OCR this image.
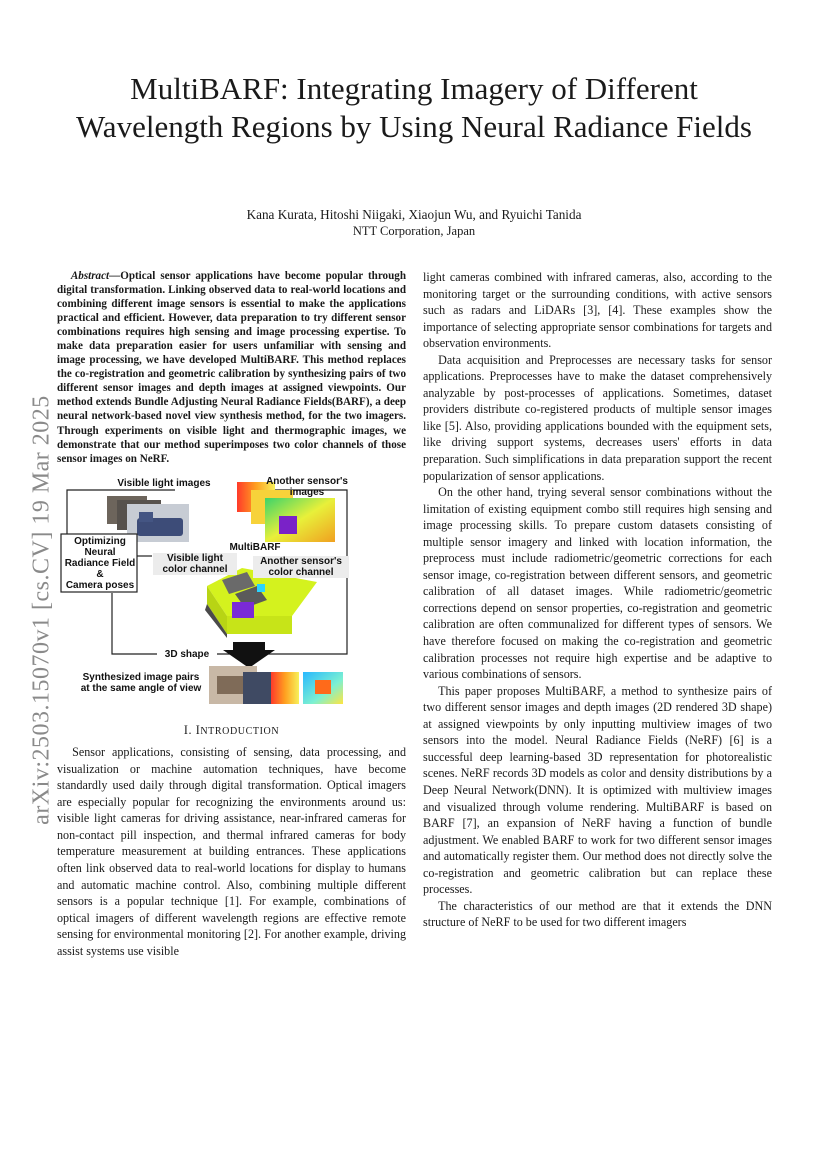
arXiv:2503.15070v1 [cs.CV] 19 Mar 2025
MultiBARF: Integrating Imagery of Different Wavelength Regions by Using Neural Radiance Fields
Kana Kurata, Hitoshi Niigaki, Xiaojun Wu, and Ryuichi Tanida
NTT Corporation, Japan

Abstract—Optical sensor applications have become popular through digital transformation. Linking observed data to real-world locations and combining different image sensors is essential to make the applications practical and efficient. However, data preparation to try different sensor combinations requires high sensing and image processing expertise. To make data preparation easier for users unfamiliar with sensing and image processing, we have developed MultiBARF. This method replaces the co-registration and geometric calibration by synthesizing pairs of two different sensor images and depth images at assigned viewpoints. Our method extends Bundle Adjusting Neural Radiance Fields(BARF), a deep neural network-based novel view synthesis method, for the two imagers. Through experiments on visible light and thermographic images, we demonstrate that our method superimposes two color channels of those sensor images on NeRF.

Visible light images	Another sensor's
images
Optimizing
Neural
Radiance Field
&
Camera poses
MultiBARF
Visible light
color channel
Another sensor's
color channel
3D shape
Synthesized image pairs
at the same angle of view
I. INTRODUCTION

Sensor applications, consisting of sensing, data processing, and visualization or machine automation techniques, have become standardly used daily through digital transformation. Optical imagers are especially popular for recognizing the environments around us: visible light cameras for driving assistance, near-infrared cameras for non-contact pill inspection, and thermal infrared cameras for body temperature measurement at building entrances. These applications often link observed data to real-world locations for display to humans and automatic machine control. Also, combining multiple different sensors is a popular technique [1]. For example, combinations of optical imagers of different wavelength regions are effective remote sensing for environmental monitoring [2]. For another example, driving assist systems use visible

light cameras combined with infrared cameras, also, according to the monitoring target or the surrounding conditions, with active sensors such as radars and LiDARs [3], [4]. These examples show the importance of selecting appropriate sensor combinations for targets and observation environments.

Data acquisition and Preprocesses are necessary tasks for sensor applications. Preprocesses have to make the dataset comprehensively analyzable by post-processes of applications. Sometimes, dataset providers distribute co-registered products of multiple sensor images like [5]. Also, providing applications bounded with the equipment sets, like driving support systems, decreases users' efforts in data preparation. Such simplifications in data preparation support the recent popularization of sensor applications.

On the other hand, trying several sensor combinations without the limitation of existing equipment combo still requires high sensing and image processing skills. To prepare custom datasets consisting of multiple sensor imagery and linked with location information, the preprocess must include radiometric/geometric corrections for each sensor image, co-registration between different sensors, and geometric calibration of all dataset images. While radiometric/geometric corrections depend on sensor properties, co-registration and geometric calibration are often communalized for different types of sensors. We have therefore focused on making the co-registration and geometric calibration processes not require high expertise and be adaptive to various combinations of sensors.

This paper proposes MultiBARF, a method to synthesize pairs of two different sensor images and depth images (2D rendered 3D shape) at assigned viewpoints by only inputting multiview images of two sensors into the model. Neural Radiance Fields (NeRF) [6] is a successful deep learning-based 3D representation for photorealistic scenes. NeRF records 3D models as color and density distributions by a Deep Neural Network(DNN). It is optimized with multiview images and visualized through volume rendering. MultiBARF is based on BARF [7], an expansion of NeRF having a function of bundle adjustment. We enabled BARF to work for two different sensor images and automatically register them. Our method does not directly solve the co-registration and geometric calibration but can replace these processes.

The characteristics of our method are that it extends the DNN structure of NeRF to be used for two different imagers
